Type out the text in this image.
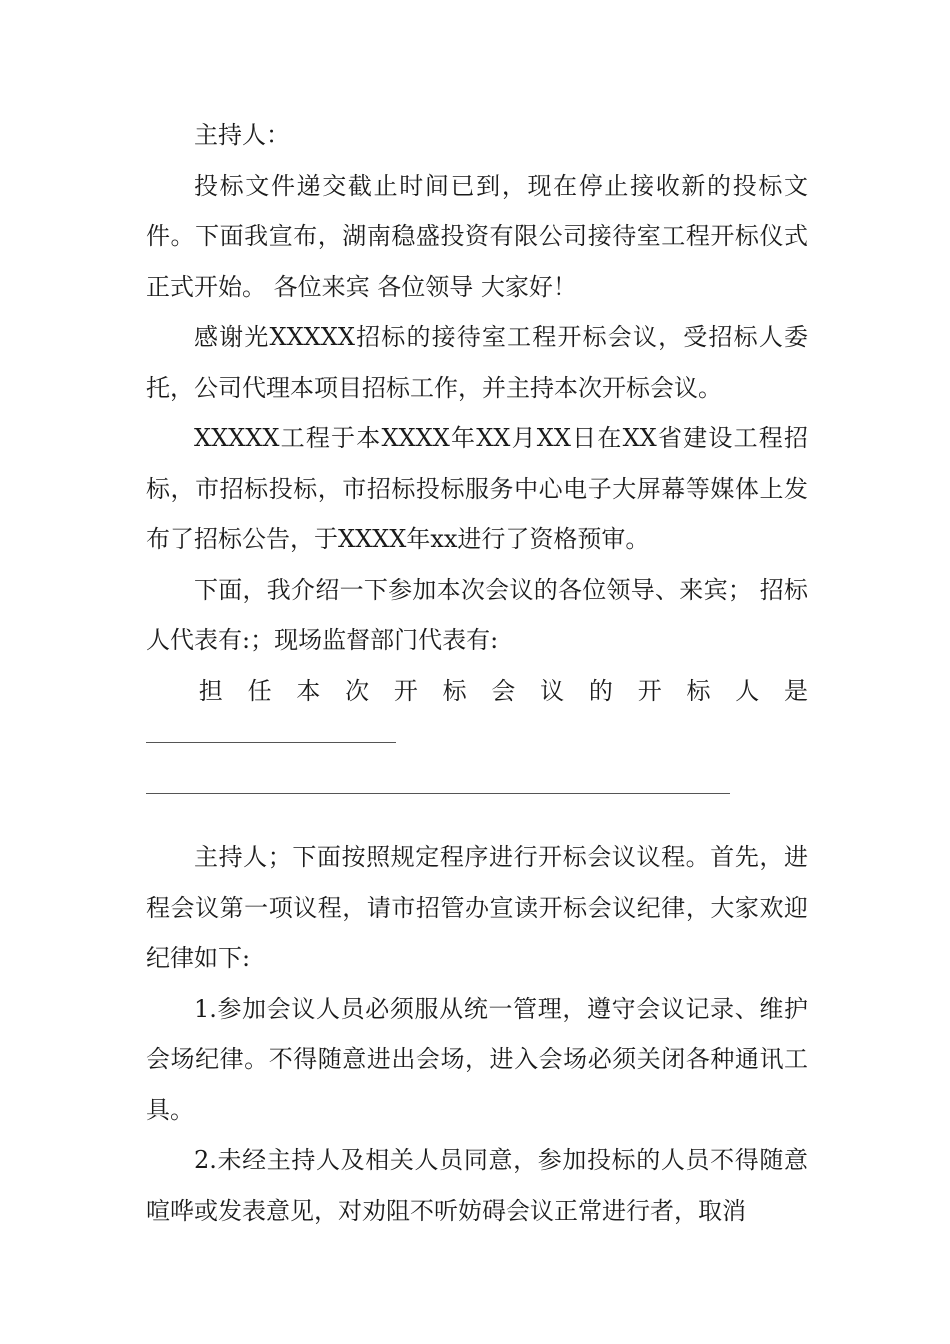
主持人：

投标文件递交截止时间已到，现在停止接收新的投标文件。下面我宣布，湖南稳盛投资有限公司接待室工程开标仪式正式开始。 各位来宾 各位领导 大家好！

感谢光XXXXX招标的接待室工程开标会议，受招标人委托，公司代理本项目招标工作，并主持本次开标会议。

XXXXX工程于本XXXX年XX月XX日在XX省建设工程招标，市招标投标，市招标投标服务中心电子大屏幕等媒体上发布了招标公告，于XXXX年xx进行了资格预审。

下面，我介绍一下参加本次会议的各位领导、来宾； 招标人代表有:；现场监督部门代表有:

担 任 本 次 开 标 会 议 的 开 标 人 是

主持人；下面按照规定程序进行开标会议议程。首先，进程会议第一项议程，请市招管办宣读开标会议纪律，大家欢迎 纪律如下:

1.参加会议人员必须服从统一管理，遵守会议记录、维护会场纪律。不得随意进出会场，进入会场必须关闭各种通讯工具。

2.未经主持人及相关人员同意，参加投标的人员不得随意喧哗或发表意见，对劝阻不听妨碍会议正常进行者，取消
